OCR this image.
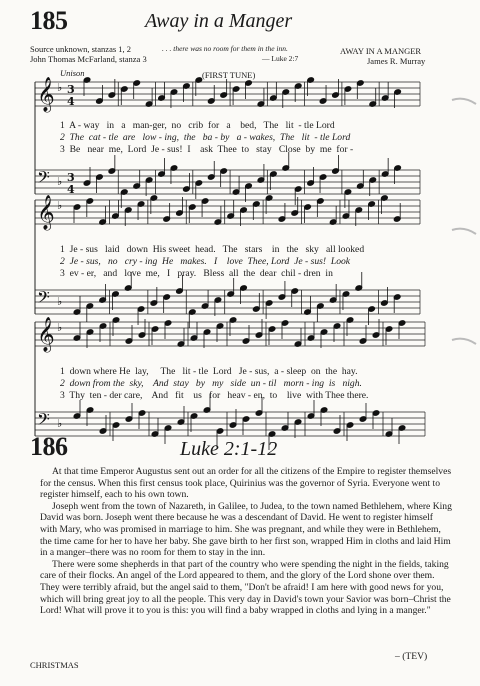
185	Away in a Manger
Source unknown, stanzas 1, 2
John Thomas McFarland, stanza 3
. . . there was no room for them in the inn.
— Luke 2:7
AWAY IN A MANGER
James R. Murray
Unison	(FIRST TUNE)
𝄞 ♭ 3
4
𝄢 ♭ 3
4
𝄞 ♭
𝄢 ♭
𝄞 ♭
𝄢 ♭
1  A - way   in   a   man-ger,  no   crib  for   a    bed,   The   lit  - tle Lord
2  The  cat - tle  are   low - ing,  the   ba - by   a - wakes,  The   lit  - tle Lord
3  Be   near  me,  Lord  Je - sus!  I    ask  Thee  to   stay   Close  by  me  for -
1  Je - sus   laid   down  His sweet  head.   The   stars    in   the   sky   all looked
2  Je - sus,   no   cry - ing  He   makes.   I    love  Thee, Lord  Je - sus!  Look
3  ev - er,   and   love  me,   I   pray.   Bless  all  the  dear  chil - dren  in
1  down where He  lay,     The   lit - tle  Lord   Je - sus,  a - sleep  on  the  hay.
2  down from the  sky,    And  stay   by   my   side  un - til   morn - ing  is   nigh.
3  Thy  ten - der care,    And   fit    us   for   heav - en,  to    live  with Thee there.
186	Luke 2:1-12

At that time Emperor Augustus sent out an order for all the citizens of the Empire to register themselves for the census. When this first census took place, Quirinius was the governor of Syria. Everyone went to register himself, each to his own town.

Joseph went from the town of Nazareth, in Galilee, to Judea, to the town named Bethlehem, where King David was born. Joseph went there because he was a descendant of David. He went to register himself with Mary, who was promised in marriage to him. She was pregnant, and while they were in Bethlehem, the time came for her to have her baby. She gave birth to her first son, wrapped Him in cloths and laid Him in a manger–there was no room for them to stay in the inn.

There were some shepherds in that part of the country who were spending the night in the fields, taking care of their flocks. An angel of the Lord appeared to them, and the glory of the Lord shone over them. They were terribly afraid, but the angel said to them, "Don't be afraid! I am here with good news for you, which will bring great joy to all the people. This very day in David's town your Savior was born–Christ the Lord! What will prove it to you is this: you will find a baby wrapped in cloths and lying in a manger."

– (TEV)
CHRISTMAS
